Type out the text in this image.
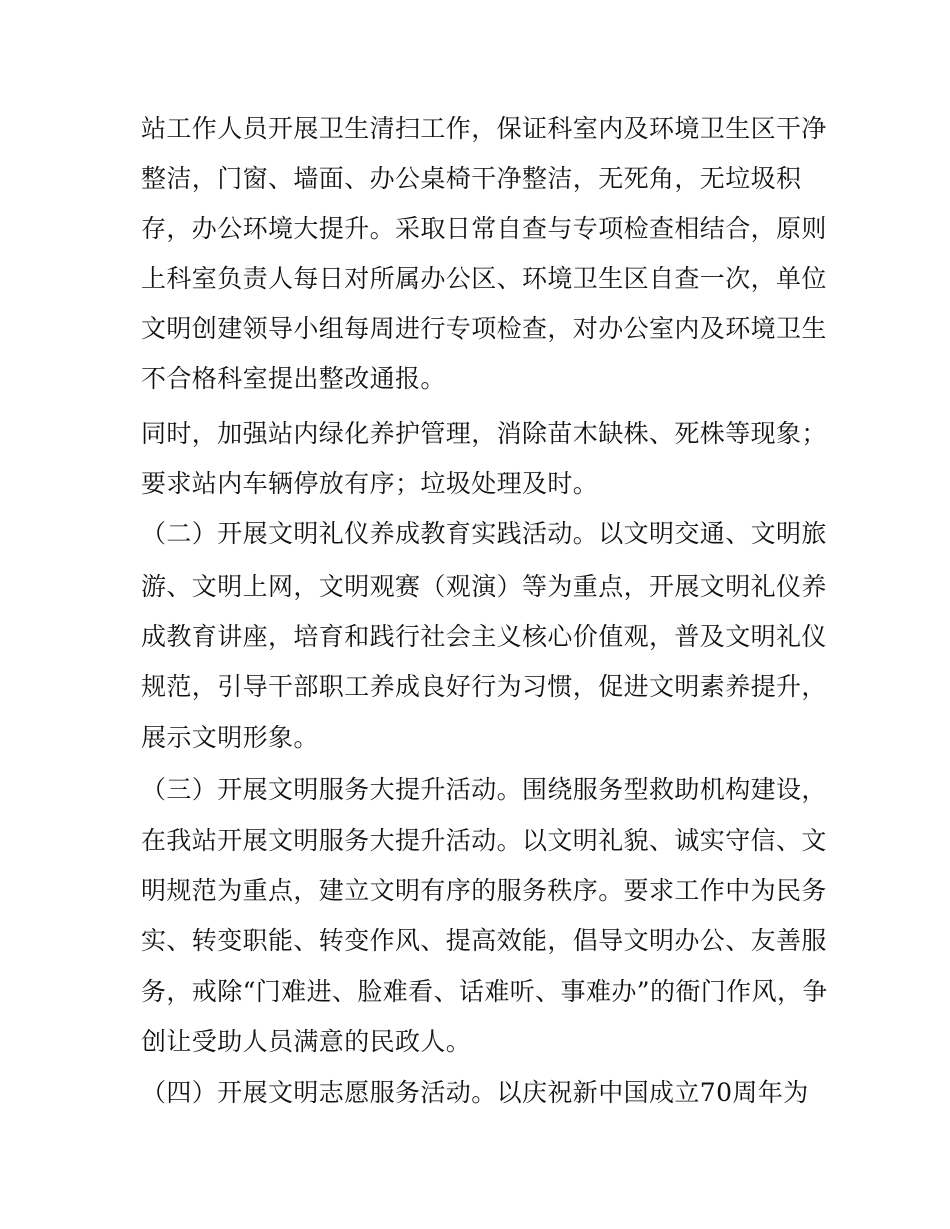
站工作人员开展卫生清扫工作，保证科室内及环境卫生区干净
整洁，门窗、墙面、办公桌椅干净整洁，无死角，无垃圾积
存，办公环境大提升。采取日常自查与专项检查相结合，原则
上科室负责人每日对所属办公区、环境卫生区自查一次，单位
文明创建领导小组每周进行专项检查，对办公室内及环境卫生
不合格科室提出整改通报。
同时，加强站内绿化养护管理，消除苗木缺株、死株等现象；
要求站内车辆停放有序；垃圾处理及时。
（二）开展文明礼仪养成教育实践活动。以文明交通、文明旅
游、文明上网，文明观赛（观演）等为重点，开展文明礼仪养
成教育讲座，培育和践行社会主义核心价值观，普及文明礼仪
规范，引导干部职工养成良好行为习惯，促进文明素养提升，
展示文明形象。
（三）开展文明服务大提升活动。围绕服务型救助机构建设，
在我站开展文明服务大提升活动。以文明礼貌、诚实守信、文
明规范为重点，建立文明有序的服务秩序。要求工作中为民务
实、转变职能、转变作风、提高效能，倡导文明办公、友善服
务，戒除“门难进、脸难看、话难听、事难办”的衙门作风，争
创让受助人员满意的民政人。
（四）开展文明志愿服务活动。以庆祝新中国成立70周年为
